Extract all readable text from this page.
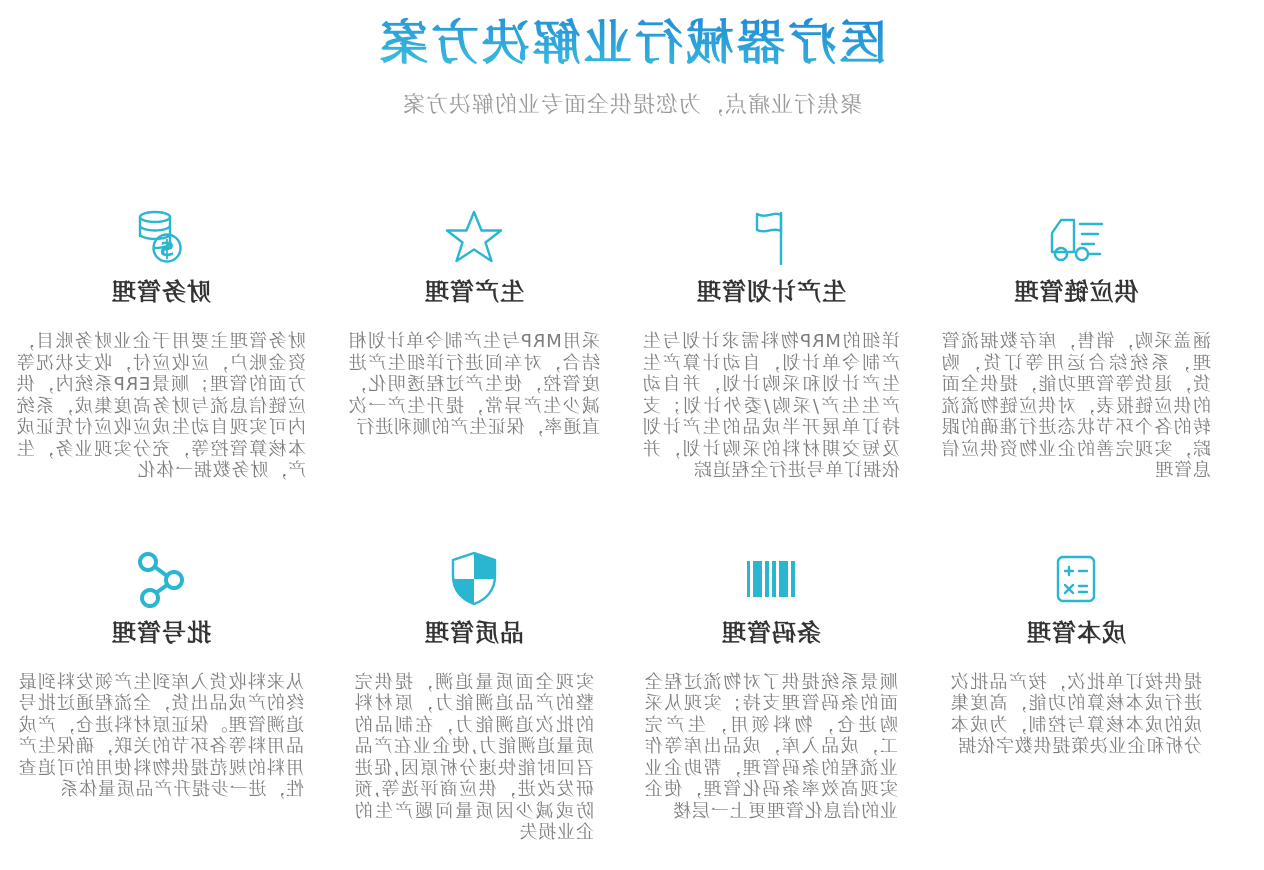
医疗器械行业解决方案

聚焦行业痛点，为您提供全面专业的解决方案

供应链管理

涵盖采购，销售，库存数据流管理，系统综合运用等订货，购货，退货等管理功能，提供全面的供应链报表，对供应链物流流转的各个环节状态进行准确的跟踪，实现完善的企业物资供应信息管理

生产计划管理

详细的MRP物料需求计划与生产制令单计划，自动计算产生生产计划和采购计划，并自动产生生产/采购/委外计划；支持订单展开半成品的生产计划及短交期材料的采购计划，并依据订单号进行全程追踪

生产管理

采用MRP与生产制令单计划相结合，对车间进行详细生产进度管控，使生产过程透明化，减少生产异常，提升生产一次直通率，保证生产的顺利进行

$
财务管理

财务管理主要用于企业财务账目，资金账户，应收应付，收支状况等方面的管理；顺景ERP系统内，供应链信息流与财务高度集成，系统内可实现自动生成应收应付凭证成本核算管控等，充分实现业务，生产，财务数据一体化

成本管理

提供按订单批次，按产品批次进行成本核算的功能，高度集成的成本核算与控制，为成本分析和企业决策提供数字依据

条码管理

顺景系统提供了对物流过程全面的条码管理支持；实现从采购进仓，物料领用，生产完工，成品入库，成品出库等作业流程的条码管理，帮助企业实现高效率条码化管理，使企业的信息化管理更上一层楼

品质管理

实现全面质量追溯，提供完整的产品追溯能力，原材料的批次追溯能力，在制品的质量追溯能力,使企业在产品召回时能快速分析原因,促进研发改进，供应商评选等,预防或减少因质量问题产生的企业损失

批号管理

从来料收货入库到生产领发料到最终的产成品出货，全流程通过批号追溯管理。保证原材料进仓，产成品用料等各环节的关联，确保生产用料的规范提供物料使用的可追查性，进一步提升产品质量体系
